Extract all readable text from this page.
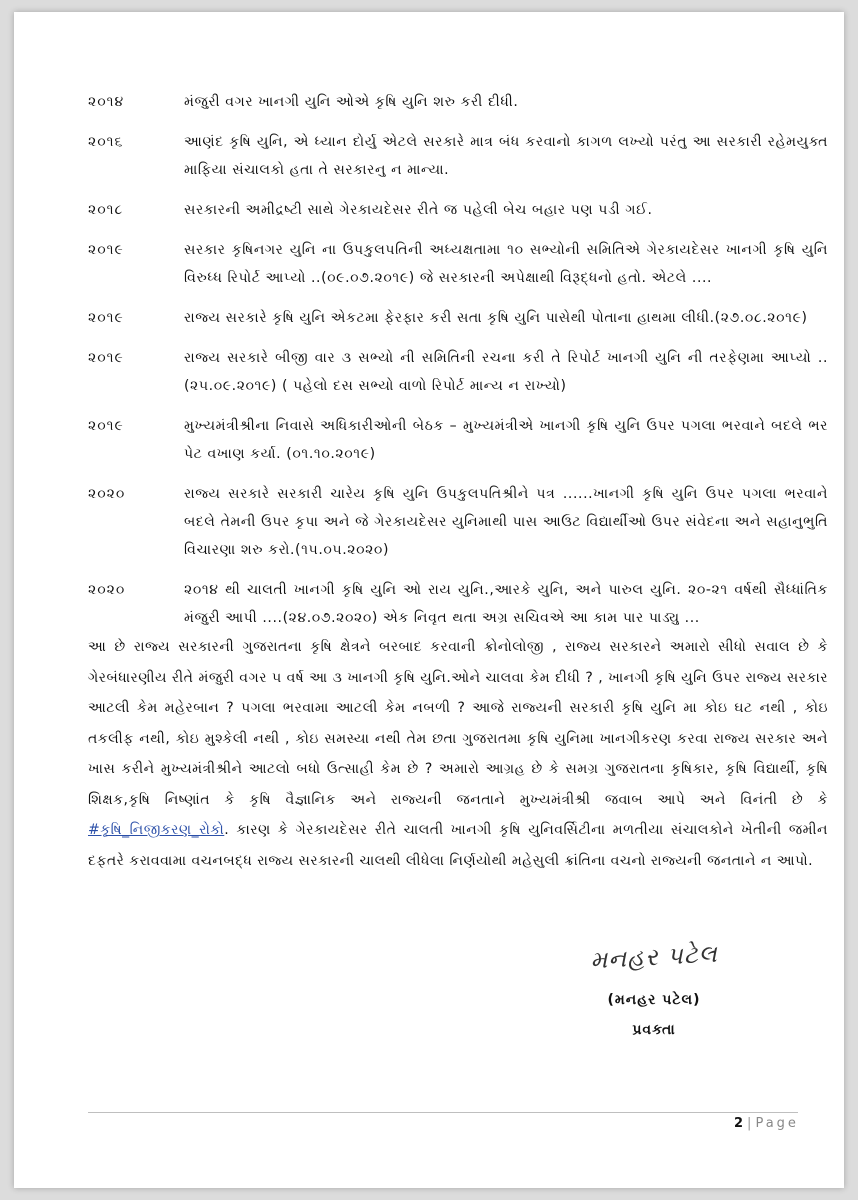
૨૦૧૪	મંજુરી વગર ખાનગી યુનિ ઓએ કૃષિ યુનિ શરુ કરી દીધી.
૨૦૧૬	આણંદ કૃષિ યુનિ, એ ધ્યાન દોર્યુ એટલે સરકારે માત્ર બંધ કરવાનો કાગળ લખ્યો પરંતુ આ સરકારી રહેમયુક્ત માફિયા સંચાલકો હતા તે સરકારનુ ન માન્યા.
૨૦૧૮	સરકારની અમીદ્રષ્ટી સાથે ગેરકાયદેસર રીતે જ પહેલી બેચ બહાર પણ પડી ગઈ.
૨૦૧૯	સરકાર કૃષિનગર યુનિ ના ઉપકુલપતિની અધ્યક્ષતામા ૧૦ સભ્યોની સમિતિએ ગેરકાયદેસર ખાનગી કૃષિ યુનિ વિરુધ્ધ રિપોર્ટ આપ્યો ..(૦૯.૦૭.૨૦૧૯) જે સરકારની અપેક્ષાથી વિરૂદ્ધનો હતો. એટલે ....
૨૦૧૯	રાજ્ય સરકારે કૃષિ યુનિ એકટમા ફેરફાર કરી સતા કૃષિ યુનિ પાસેથી પોતાના હાથમા લીધી.(૨૭.૦૮.૨૦૧૯)
૨૦૧૯	રાજ્ય સરકારે બીજી વાર ૩ સભ્યો ની સમિતિની રચના કરી તે રિપોર્ટ ખાનગી યુનિ ની તરફેણમા આપ્યો ..(૨૫.૦૯.૨૦૧૯) ( પહેલો દસ સભ્યો વાળો રિપોર્ટ માન્ય ન રાખ્યો)
૨૦૧૯	મુખ્યમંત્રીશ્રીના નિવાસે અધિકારીઓની બેઠક – મુખ્યમંત્રીએ ખાનગી કૃષિ યુનિ ઉપર પગલા ભરવાને બદલે ભર પેટ વખાણ કર્યા. (૦૧.૧૦.૨૦૧૯)
૨૦૨૦	રાજ્ય સરકારે સરકારી ચારેય કૃષિ યુનિ ઉપકુલપતિશ્રીને પત્ર ......ખાનગી કૃષિ યુનિ ઉપર પગલા ભરવાને બદલે તેમની ઉપર કૃપા અને જે ગેરકાયદેસર યુનિમાથી પાસ આઉટ વિદ્યાર્થીઓ ઉપર સંવેદના અને સહાનુભુતિ વિચારણા શરુ કરો.(૧૫.૦૫.૨૦૨૦)
૨૦૨૦	૨૦૧૪ થી ચાલતી ખાનગી કૃષિ યુનિ ઓ રાય યુનિ.,આરકે યુનિ, અને પારુલ યુનિ. ૨૦-૨૧ વર્ષથી સૈધ્ધાંતિક મંજુરી આપી ....(૨૪.૦૭.૨૦૨૦) એક નિવૃત થતા અગ્ર સચિવએ આ કામ પાર પાડ્યુ ...
આ છે રાજ્ય સરકારની ગુજરાતના કૃષિ ક્ષેત્રને બરબાદ કરવાની ક્રોનોલોજી , રાજ્ય સરકારને અમારો સીધો સવાલ છે કે ગેરબંધારણીય રીતે મંજુરી વગર ૫ વર્ષ આ ૩ ખાનગી કૃષિ યુનિ.ઓને ચાલવા કેમ દીધી ? , ખાનગી કૃષિ યુનિ ઉપર રાજ્ય સરકાર આટલી કેમ મહેરબાન ? પગલા ભરવામા આટલી કેમ નબળી ? આજે રાજ્યની સરકારી કૃષિ યુનિ મા કોઇ ઘટ નથી , કોઇ તકલીફ નથી, કોઇ મુશ્કેલી નથી , કોઇ સમસ્યા નથી તેમ છતા ગુજરાતમા કૃષિ યુનિમા ખાનગીકરણ કરવા રાજ્ય સરકાર અને ખાસ કરીને મુખ્યમંત્રીશ્રીને આટલો બધો ઉત્સાહી કેમ છે ? અમારો આગ્રહ છે કે સમગ્ર ગુજરાતના કૃષિકાર, કૃષિ વિદ્યાર્થી, કૃષિ શિક્ષક,કૃષિ નિષ્ણાંત કે કૃષિ વૈજ્ઞાનિક અને રાજ્યની જનતાને મુખ્યમંત્રીશ્રી જવાબ આપે અને વિનંતી છે કે #કૃષિ_નિજીકરણ_રોકો. કારણ કે ગેરકાયદેસર રીતે ચાલતી ખાનગી કૃષિ યુનિવર્સિટીના મળતીયા સંચાલકોને ખેતીની જમીન દફતરે કરાવવામા વચનબદ્ધ રાજ્ય સરકારની ચાલથી લીધેલા નિર્ણયોથી મહેસુલી ક્રાંતિના વચનો રાજ્યની જનતાને ન આપો.
મનહર પટેલ
(મનહર પટેલ)
પ્રવક્તા
2 | Page
